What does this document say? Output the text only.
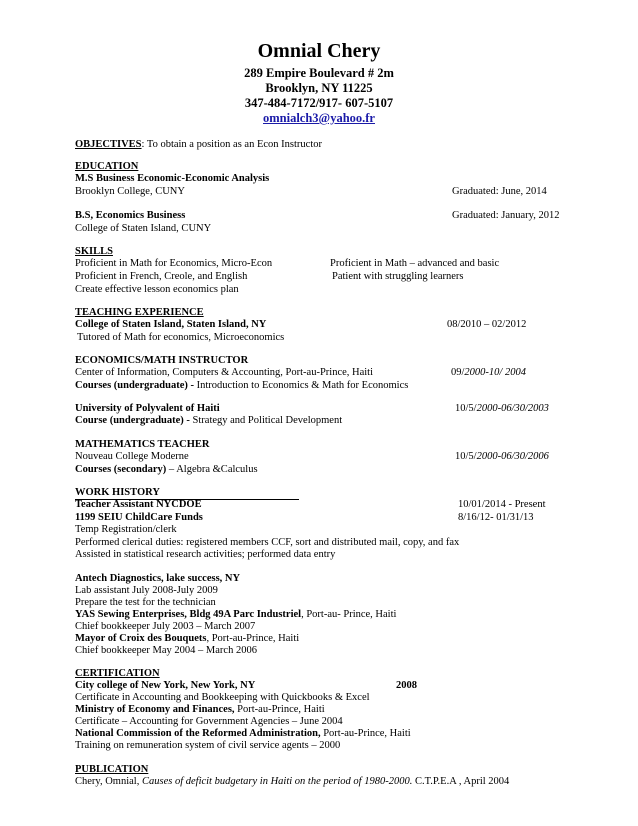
Omnial Chery
289 Empire Boulevard # 2m
Brooklyn, NY 11225
347-484-7172/917- 607-5107
omnialch3@yahoo.fr
OBJECTIVES: To obtain a position as an Econ Instructor
EDUCATION
M.S Business Economic-Economic Analysis
Brooklyn College, CUNY	Graduated: June, 2014
B.S, Economics Business	Graduated: January, 2012
College of Staten Island, CUNY
SKILLS
Proficient in Math for Economics, Micro-Econ	Proficient in Math – advanced and basic
Proficient in French, Creole, and English	Patient with struggling learners
Create effective lesson economics plan
TEACHING EXPERIENCE
College of Staten Island, Staten Island, NY	08/2010 – 02/2012
Tutored of Math for economics, Microeconomics
ECONOMICS/MATH INSTRUCTOR
Center of Information, Computers & Accounting, Port-au-Prince, Haiti	09/2000-10/ 2004
Courses (undergraduate) - Introduction to Economics & Math for Economics
University of Polyvalent of Haiti	10/5/2000-06/30/2003
Course (undergraduate) - Strategy and Political Development
MATHEMATICS TEACHER
Nouveau College Moderne	10/5/2000-06/30/2006
Courses (secondary) – Algebra &Calculus
WORK HISTORY
Teacher Assistant NYCDOE	10/01/2014 - Present
1199 SEIU ChildCare Funds	8/16/12- 01/31/13
Temp Registration/clerk
Performed clerical duties: registered members CCF, sort and distributed mail, copy, and fax
Assisted in statistical research activities; performed data entry
Antech Diagnostics, lake success, NY
Lab assistant July 2008-July 2009
Prepare the test for the technician
YAS Sewing Enterprises, Bldg 49A Parc Industriel, Port-au- Prince, Haiti
Chief bookkeeper July 2003 – March 2007
Mayor of Croix des Bouquets, Port-au-Prince, Haiti
Chief bookkeeper May 2004 – March 2006
CERTIFICATION
City college of New York, New York, NY	2008
Certificate in Accounting and Bookkeeping with Quickbooks & Excel
Ministry of Economy and Finances, Port-au-Prince, Haiti
Certificate – Accounting for Government Agencies – June 2004
National Commission of the Reformed Administration, Port-au-Prince, Haiti
Training on remuneration system of civil service agents – 2000
PUBLICATION
Chery, Omnial, Causes of deficit budgetary in Haiti on the period of 1980-2000. C.T.P.E.A , April 2004
